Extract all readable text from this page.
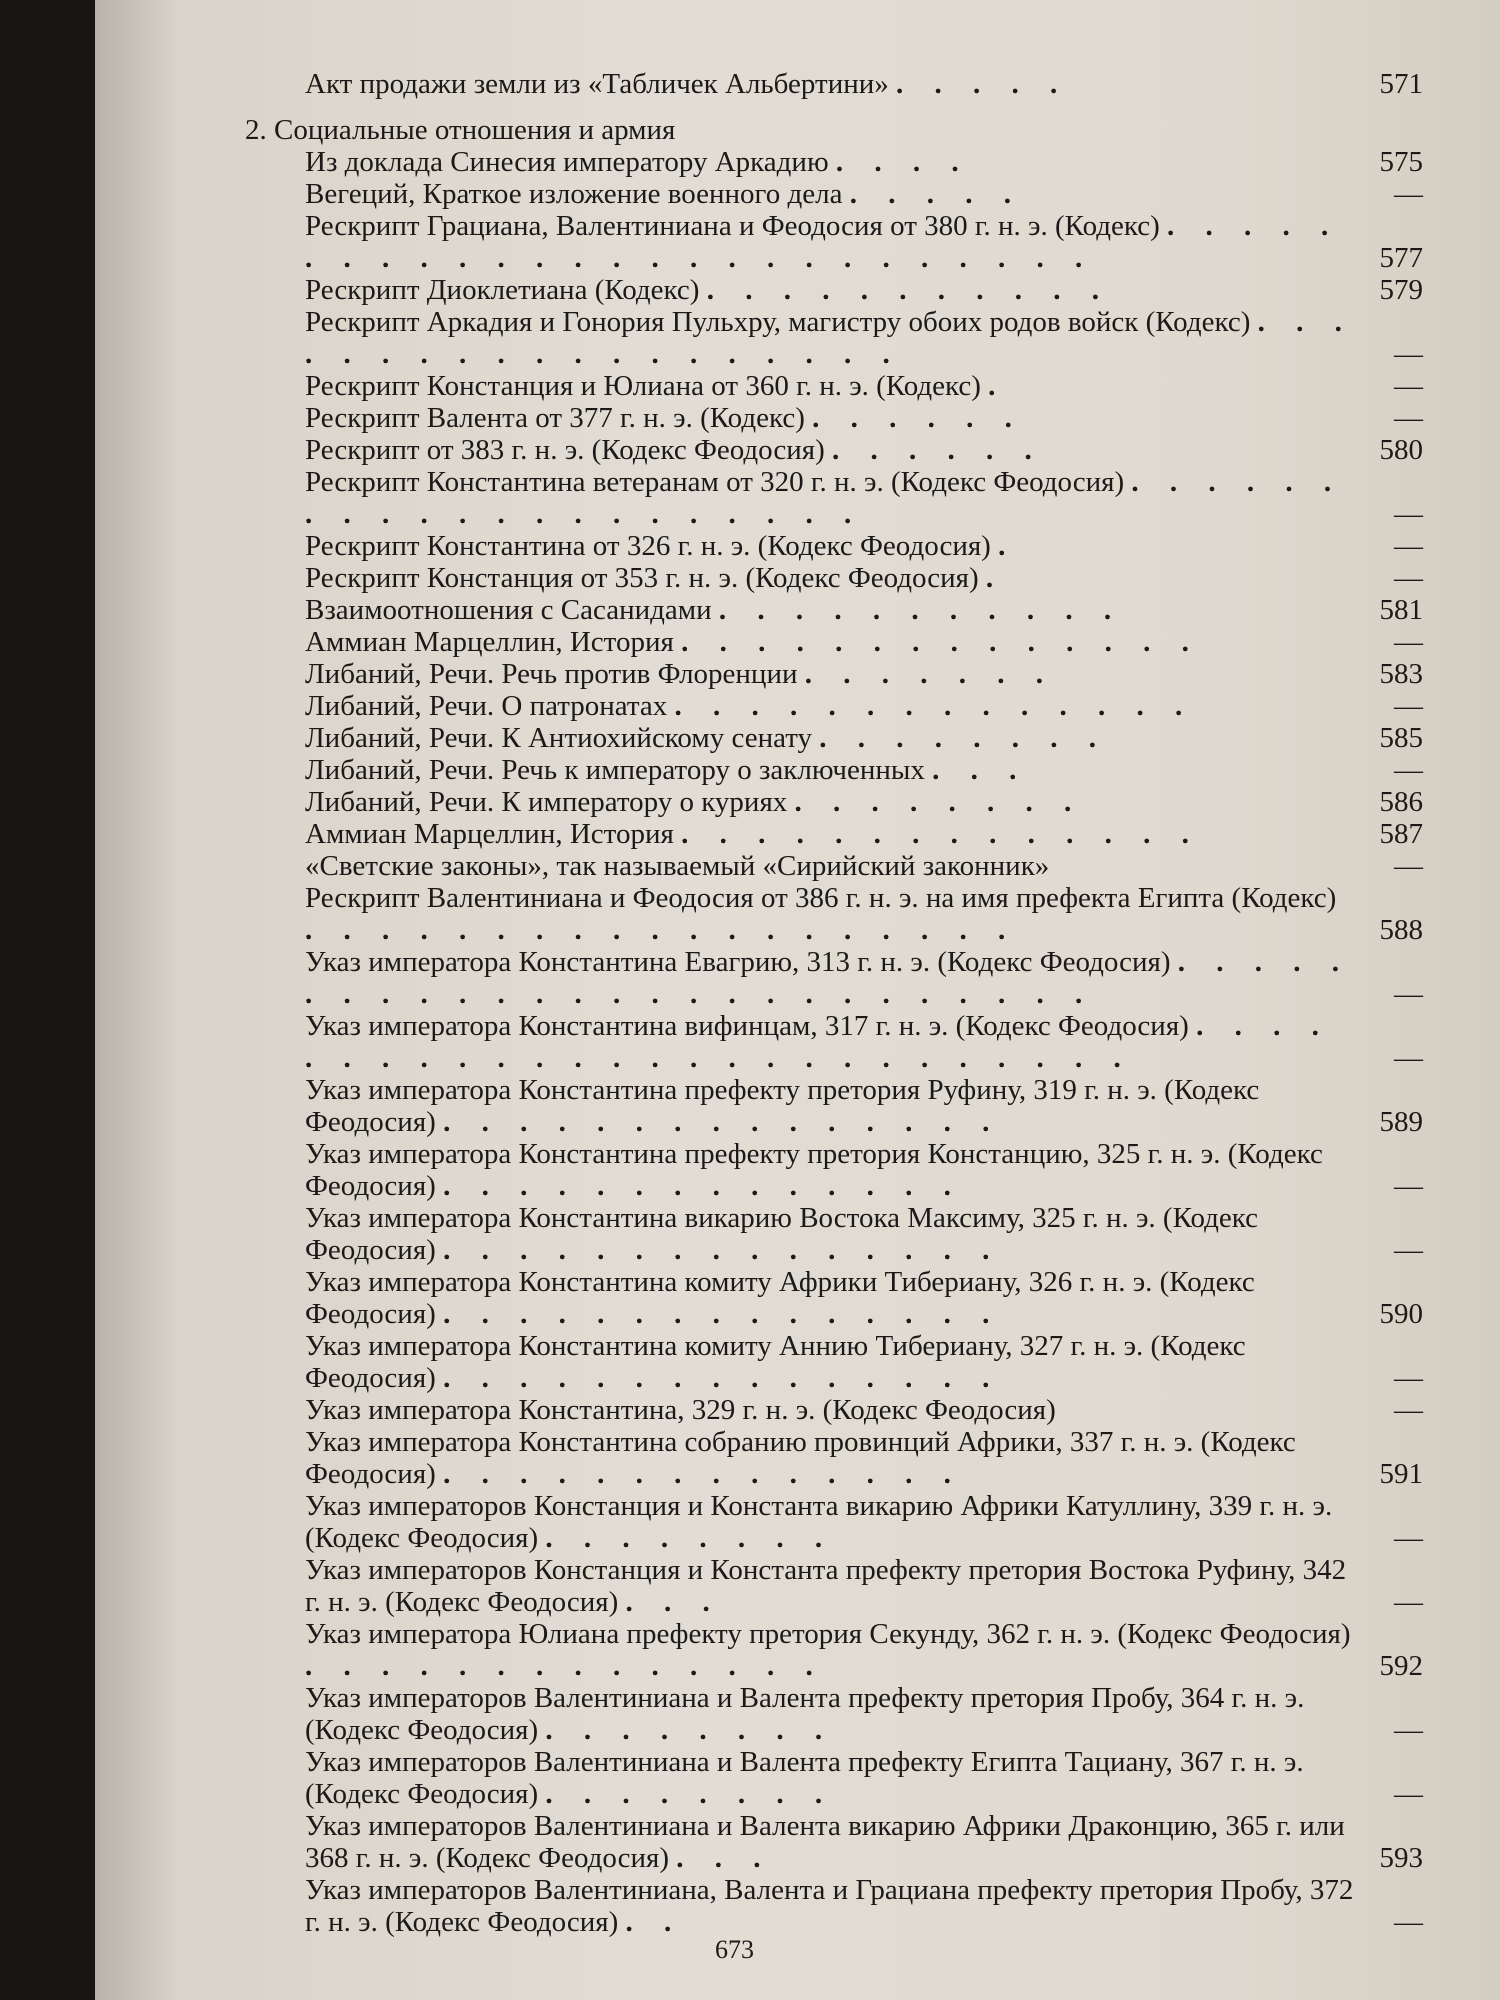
Акт продажи земли из «Табличек Альбертини» . . . . .	571
2. Социальные отношения и армия
Из доклада Синесия императору Аркадию . . . .	575
Вегеций, Краткое изложение военного дела . . . . .	—
Рескрипт Грациана, Валентиниана и Феодосия от 380 г. н. э. (Кодекс) . . . . . . . . . . . . . . . . . . . . . . . . . .	577
Рескрипт Диоклетиана (Кодекс) . . . . . . . . . . .	579
Рескрипт Аркадия и Гонория Пульхру, магистру обоих родов войск (Кодекс) . . . . . . . . . . . . . . . . . . .	—
Рескрипт Констанция и Юлиана от 360 г. н. э. (Кодекс) .	—
Рескрипт Валента от 377 г. н. э. (Кодекс) . . . . . .	—
Рескрипт от 383 г. н. э. (Кодекс Феодосия) . . . . . .	580
Рескрипт Константина ветеранам от 320 г. н. э. (Кодекс Феодосия) . . . . . . . . . . . . . . . . . . . . .	—
Рескрипт Константина от 326 г. н. э. (Кодекс Феодосия) .	—
Рескрипт Констанция от 353 г. н. э. (Кодекс Феодосия) .	—
Взаимоотношения с Сасанидами . . . . . . . . . . .	581
Аммиан Марцеллин, История . . . . . . . . . . . . . .	—
Либаний, Речи. Речь против Флоренции . . . . . . .	583
Либаний, Речи. О патронатах . . . . . . . . . . . . . .	—
Либаний, Речи. К Антиохийскому сенату . . . . . . . .	585
Либаний, Речи. Речь к императору о заключенных . . .	—
Либаний, Речи. К императору о куриях . . . . . . . .	586
Аммиан Марцеллин, История . . . . . . . . . . . . . .	587
«Светские законы», так называемый «Сирийский законник»	—
Рескрипт Валентиниана и Феодосия от 386 г. н. э. на имя префекта Египта (Кодекс) . . . . . . . . . . . . . . . . . . .	588
Указ императора Константина Евагрию, 313 г. н. э. (Кодекс Феодосия) . . . . . . . . . . . . . . . . . . . . . . . . . .	—
Указ императора Константина вифинцам, 317 г. н. э. (Кодекс Феодосия) . . . . . . . . . . . . . . . . . . . . . . . . . .	—
Указ императора Константина префекту претория Руфину, 319 г. н. э. (Кодекс Феодосия) . . . . . . . . . . . . . . .	589
Указ императора Константина префекту претория Констанцию, 325 г. н. э. (Кодекс Феодосия) . . . . . . . . . . . . . .	—
Указ императора Константина викарию Востока Максиму, 325 г. н. э. (Кодекс Феодосия) . . . . . . . . . . . . . . .	—
Указ императора Константина комиту Африки Тибериану, 326 г. н. э. (Кодекс Феодосия) . . . . . . . . . . . . . . .	590
Указ императора Константина комиту Аннию Тибериану, 327 г. н. э. (Кодекс Феодосия) . . . . . . . . . . . . . . .	—
Указ императора Константина, 329 г. н. э. (Кодекс Феодосия)	—
Указ императора Константина собранию провинций Африки, 337 г. н. э. (Кодекс Феодосия) . . . . . . . . . . . . . .	591
Указ императоров Констанция и Константа викарию Африки Катуллину, 339 г. н. э. (Кодекс Феодосия) . . . . . . . .	—
Указ императоров Констанция и Константа префекту претория Востока Руфину, 342 г. н. э. (Кодекс Феодосия) . . .	—
Указ императора Юлиана префекту претория Секунду, 362 г. н. э. (Кодекс Феодосия) . . . . . . . . . . . . . .	592
Указ императоров Валентиниана и Валента префекту претория Пробу, 364 г. н. э. (Кодекс Феодосия) . . . . . . . .	—
Указ императоров Валентиниана и Валента префекту Египта Тациану, 367 г. н. э. (Кодекс Феодосия) . . . . . . . .	—
Указ императоров Валентиниана и Валента викарию Африки Драконцию, 365 г. или 368 г. н. э. (Кодекс Феодосия) . . .	593
Указ императоров Валентиниана, Валента и Грациана префекту претория Пробу, 372 г. н. э. (Кодекс Феодосия) . .	—
673
